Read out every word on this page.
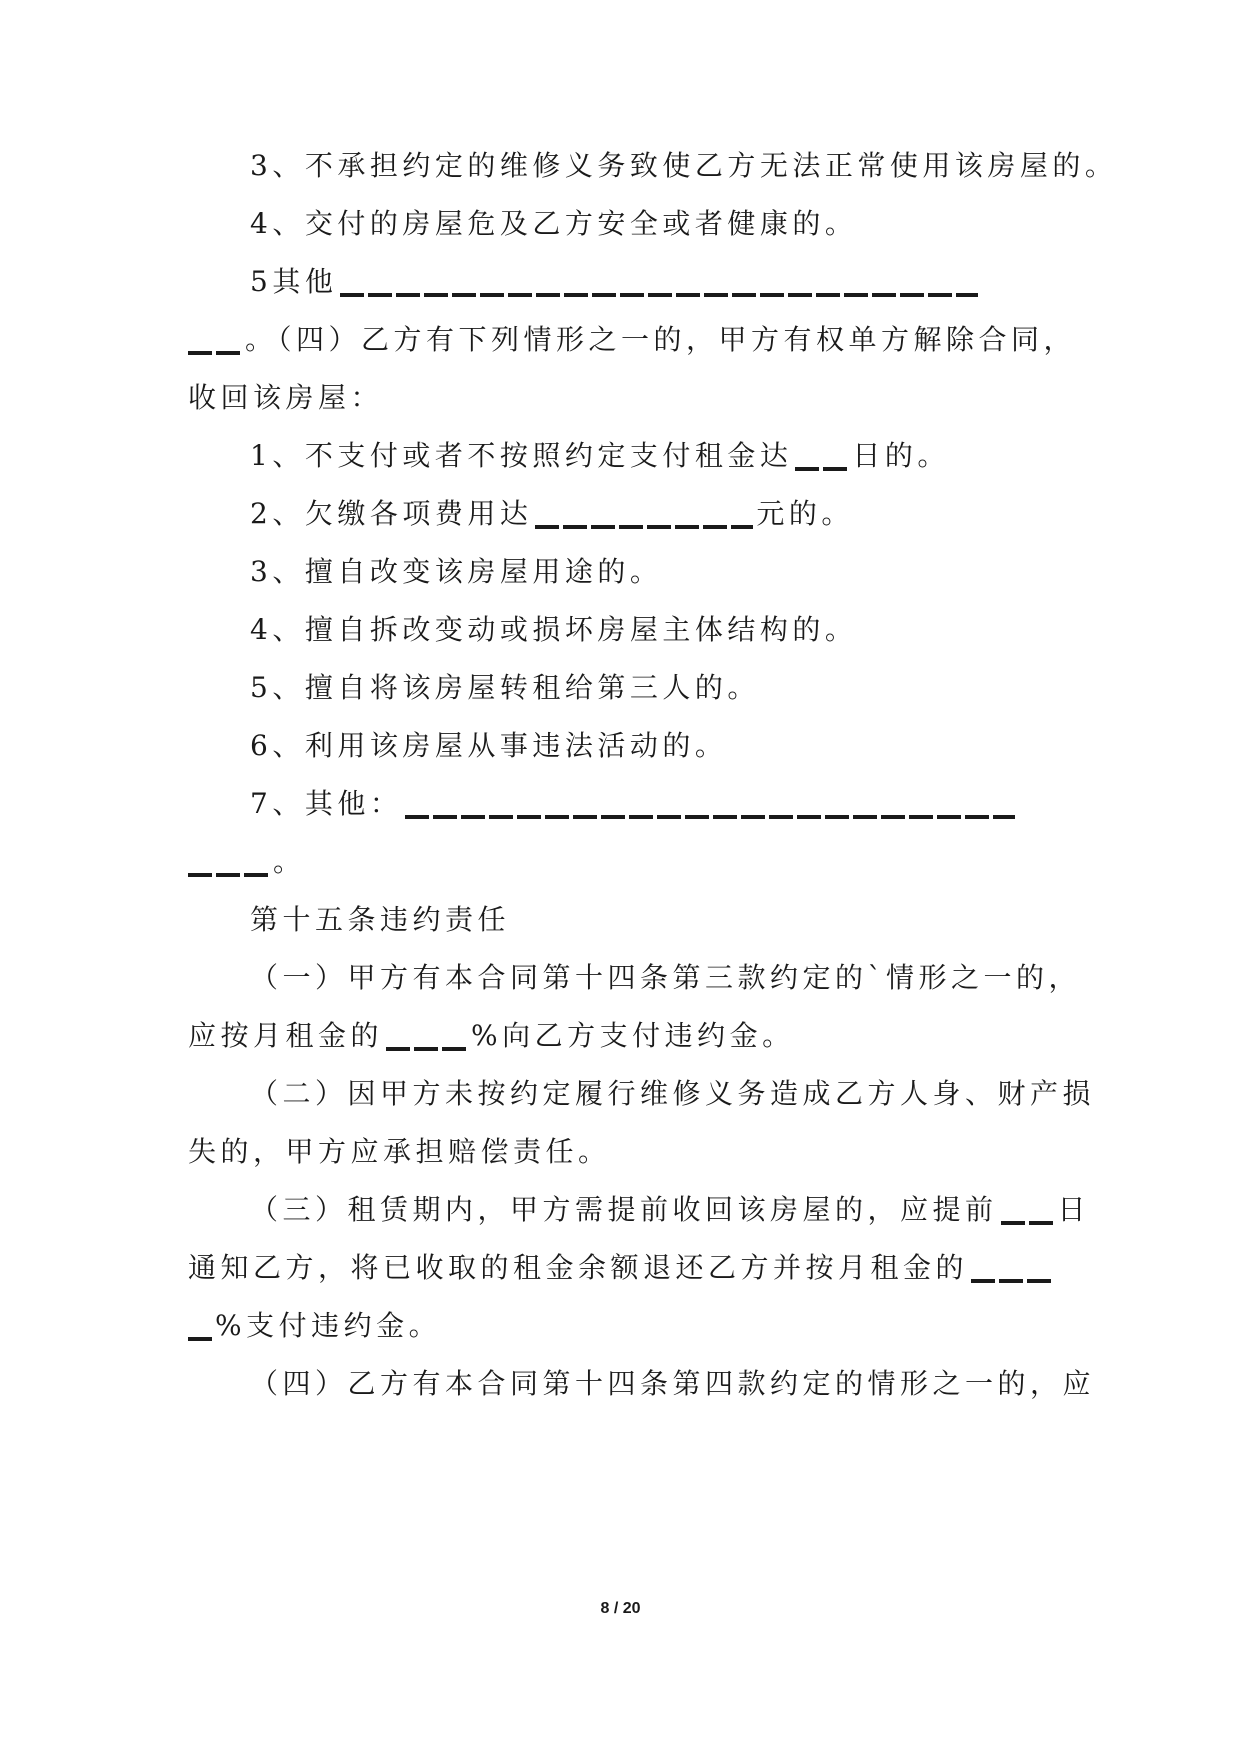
3、不承担约定的维修义务致使乙方无法正常使用该房屋的。
4、交付的房屋危及乙方安全或者健康的。
5其他
。（四）乙方有下列情形之一的，甲方有权单方解除合同，
收回该房屋：
1、不支付或者不按照约定支付租金达 日的。
2、欠缴各项费用达	元的。
3、擅自改变该房屋用途的。
4、擅自拆改变动或损坏房屋主体结构的。
5、擅自将该房屋转租给第三人的。
6、利用该房屋从事违法活动的。
7、其他：
。
第十五条违约责任
（一）甲方有本合同第十四条第三款约定的`情形之一的，
应按月租金的	%向乙方支付违约金。
（二）因甲方未按约定履行维修义务造成乙方人身、财产损
失的，甲方应承担赔偿责任。
（三）租赁期内，甲方需提前收回该房屋的，应提前 日
通知乙方，将已收取的租金余额退还乙方并按月租金的
%支付违约金。
（四）乙方有本合同第十四条第四款约定的情形之一的，应
8 / 20
